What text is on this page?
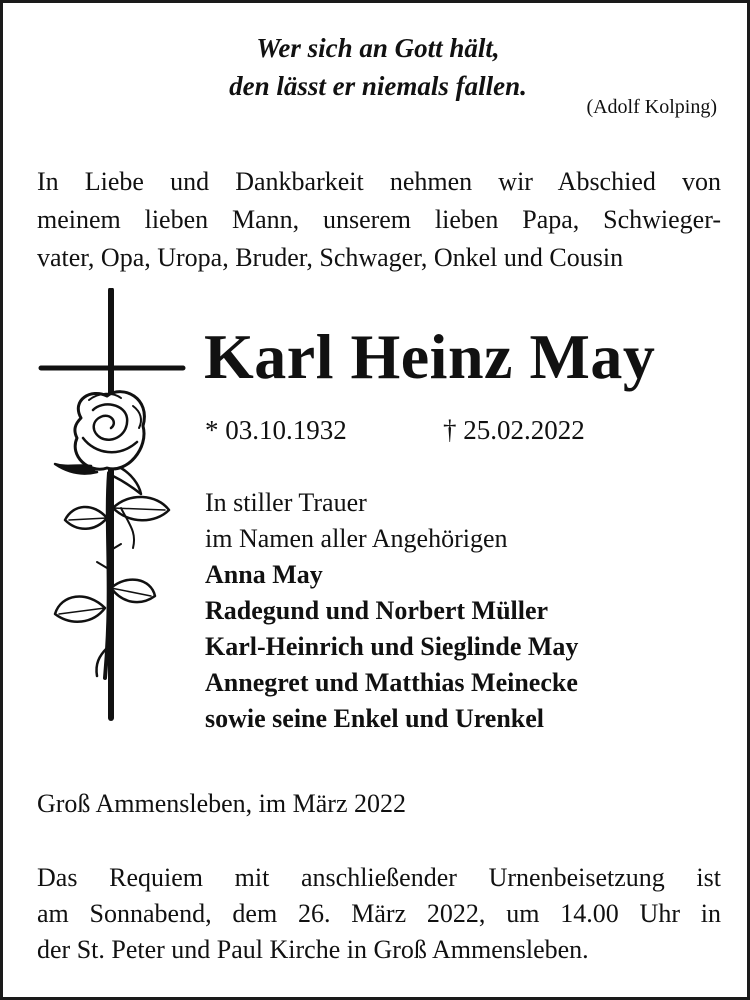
Wer sich an Gott hält,

den lässt er niemals fallen.

(Adolf Kolping)

In Liebe und Dankbarkeit nehmen wir Abschied von
meinem lieben Mann, unserem lieben Papa, Schwieger-
vater, Opa, Uropa, Bruder, Schwager, Onkel und Cousin
Karl Heinz May

* 03.10.1932	† 25.02.2022

In stiller Trauer
im Namen aller Angehörigen
Anna May
Radegund und Norbert Müller
Karl-Heinrich und Sieglinde May
Annegret und Matthias Meinecke
sowie seine Enkel und Urenkel

Groß Ammensleben, im März 2022

Das Requiem mit anschließender Urnenbeisetzung ist
am Sonnabend, dem 26. März 2022, um 14.00 Uhr in
der St. Peter und Paul Kirche in Groß Ammensleben.
